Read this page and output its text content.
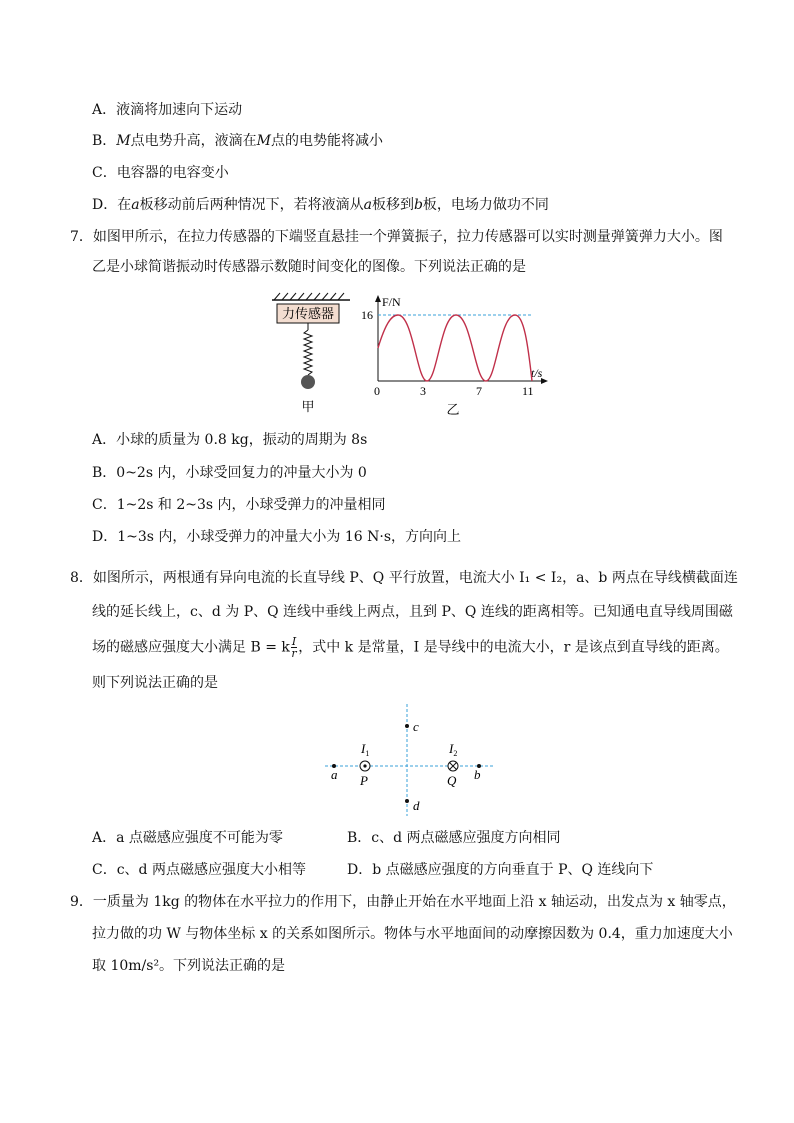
A．液滴将加速向下运动
B．M点电势升高，液滴在M点的电势能将减小
C．电容器的电容变小
D．在a板移动前后两种情况下，若将液滴从a板移到b板，电场力做功不同
7．如图甲所示，在拉力传感器的下端竖直悬挂一个弹簧振子，拉力传感器可以实时测量弹簧弹力大小。图
乙是小球简谐振动时传感器示数随时间变化的图像。下列说法正确的是
力传感器
甲
F/N
t/s
16
0	3	7	11
乙
A．小球的质量为 0.8 kg，振动的周期为 8s
B．0~2s 内，小球受回复力的冲量大小为 0
C．1~2s 和 2~3s 内，小球受弹力的冲量相同
D．1~3s 内，小球受弹力的冲量大小为 16 N·s，方向向上
8．如图所示，两根通有异向电流的长直导线 P、Q 平行放置，电流大小 I₁ < I₂，a、b 两点在导线横截面连
线的延长线上，c、d 为 P、Q 连线中垂线上两点，且到 P、Q 连线的距离相等。已知通电直导线周围磁
场的磁感应强度大小满足 B = k $\frac{I}{r}$ ，式中 k 是常量，I 是导线中的电流大小，r 是该点到直导线的距离。
则下列说法正确的是
c
d
a	b
P
$I_1$
Q
$I_2$
A．a 点磁感应强度不可能为零	B．c、d 两点磁感应强度方向相同
C．c、d 两点磁感应强度大小相等	D．b 点磁感应强度的方向垂直于 P、Q 连线向下
9．一质量为 1kg 的物体在水平拉力的作用下，由静止开始在水平地面上沿 x 轴运动，出发点为 x 轴零点，
拉力做的功 W 与物体坐标 x 的关系如图所示。物体与水平地面间的动摩擦因数为 0.4，重力加速度大小
取 10m/s²。下列说法正确的是
